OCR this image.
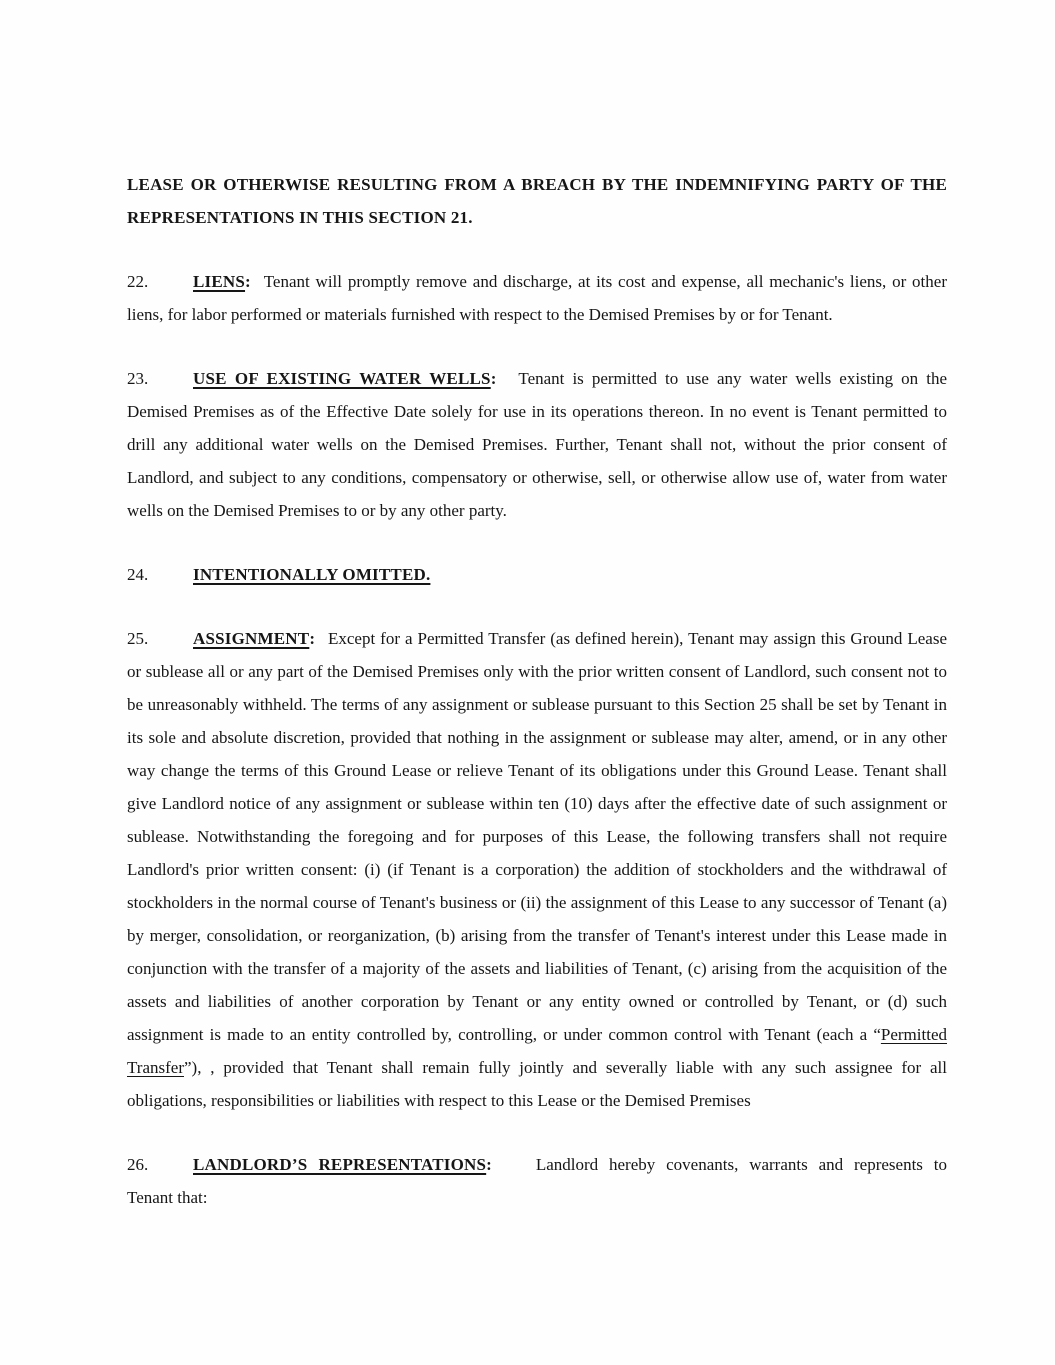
LEASE OR OTHERWISE RESULTING FROM A BREACH BY THE INDEMNIFYING PARTY OF THE REPRESENTATIONS IN THIS SECTION 21.

22.	LIENS: Tenant will promptly remove and discharge, at its cost and expense, all mechanic's liens, or other liens, for labor performed or materials furnished with respect to the Demised Premises by or for Tenant.

23.	USE OF EXISTING WATER WELLS: Tenant is permitted to use any water wells existing on the Demised Premises as of the Effective Date solely for use in its operations thereon. In no event is Tenant permitted to drill any additional water wells on the Demised Premises. Further, Tenant shall not, without the prior consent of Landlord, and subject to any conditions, compensatory or otherwise, sell, or otherwise allow use of, water from water wells on the Demised Premises to or by any other party.

24.	INTENTIONALLY OMITTED.

25.	ASSIGNMENT: Except for a Permitted Transfer (as defined herein), Tenant may assign this Ground Lease or sublease all or any part of the Demised Premises only with the prior written consent of Landlord, such consent not to be unreasonably withheld. The terms of any assignment or sublease pursuant to this Section 25 shall be set by Tenant in its sole and absolute discretion, provided that nothing in the assignment or sublease may alter, amend, or in any other way change the terms of this Ground Lease or relieve Tenant of its obligations under this Ground Lease. Tenant shall give Landlord notice of any assignment or sublease within ten (10) days after the effective date of such assignment or sublease. Notwithstanding the foregoing and for purposes of this Lease, the following transfers shall not require Landlord's prior written consent: (i) (if Tenant is a corporation) the addition of stockholders and the withdrawal of stockholders in the normal course of Tenant's business or (ii) the assignment of this Lease to any successor of Tenant (a) by merger, consolidation, or reorganization, (b) arising from the transfer of Tenant's interest under this Lease made in conjunction with the transfer of a majority of the assets and liabilities of Tenant, (c) arising from the acquisition of the assets and liabilities of another corporation by Tenant or any entity owned or controlled by Tenant, or (d) such assignment is made to an entity controlled by, controlling, or under common control with Tenant (each a “Permitted Transfer”), , provided that Tenant shall remain fully jointly and severally liable with any such assignee for all obligations, responsibilities or liabilities with respect to this Lease or the Demised Premises

26.	LANDLORD’S REPRESENTATIONS:	Landlord hereby covenants, warrants and represents to Tenant that:
